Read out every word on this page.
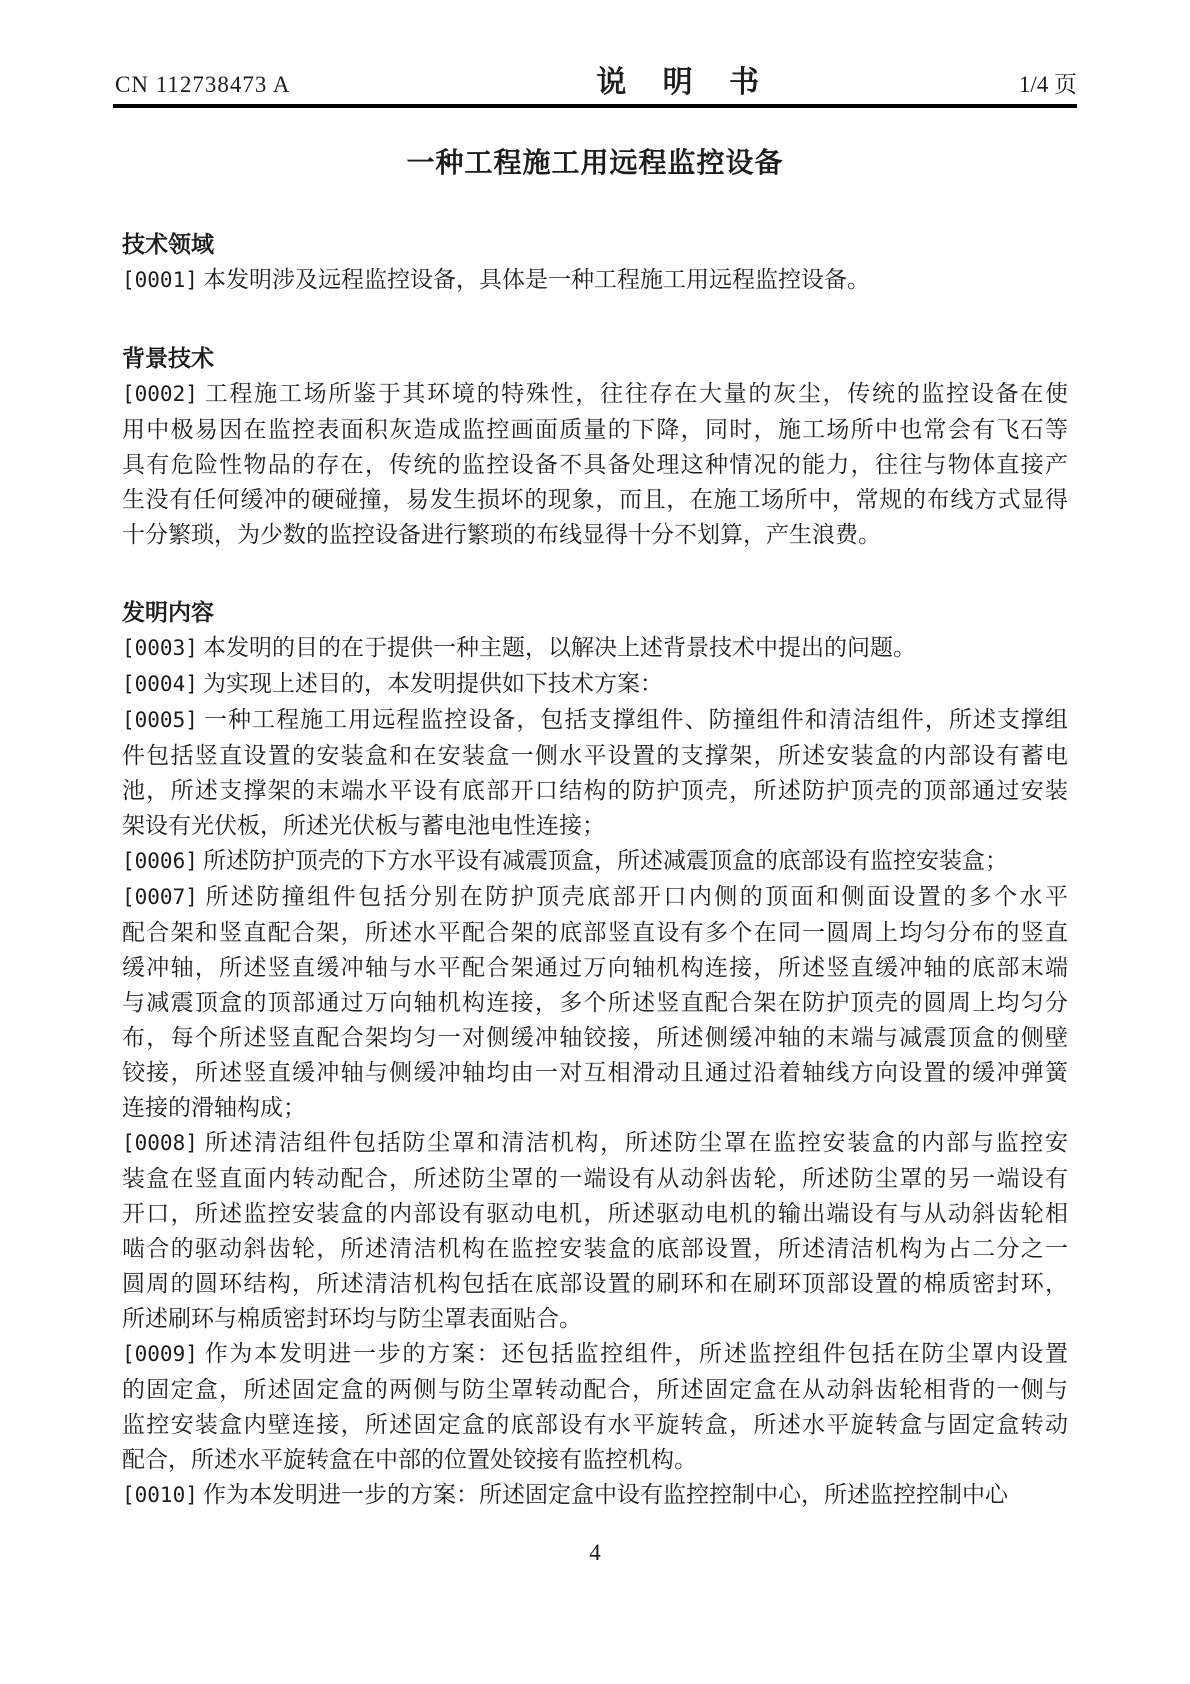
CN 112738473 A	说 明 书	1/4 页
一种工程施工用远程监控设备
技术领域
[0001] 本发明涉及远程监控设备，具体是一种工程施工用远程监控设备。
背景技术
[0002] 工程施工场所鉴于其环境的特殊性，往往存在大量的灰尘，传统的监控设备在使
用中极易因在监控表面积灰造成监控画面质量的下降，同时，施工场所中也常会有飞石等
具有危险性物品的存在，传统的监控设备不具备处理这种情况的能力，往往与物体直接产
生没有任何缓冲的硬碰撞，易发生损坏的现象，而且，在施工场所中，常规的布线方式显得
十分繁琐，为少数的监控设备进行繁琐的布线显得十分不划算，产生浪费。
发明内容
[0003] 本发明的目的在于提供一种主题，以解决上述背景技术中提出的问题。
[0004] 为实现上述目的，本发明提供如下技术方案：
[0005] 一种工程施工用远程监控设备，包括支撑组件、防撞组件和清洁组件，所述支撑组
件包括竖直设置的安装盒和在安装盒一侧水平设置的支撑架，所述安装盒的内部设有蓄电
池，所述支撑架的末端水平设有底部开口结构的防护顶壳，所述防护顶壳的顶部通过安装
架设有光伏板，所述光伏板与蓄电池电性连接；
[0006] 所述防护顶壳的下方水平设有减震顶盒，所述减震顶盒的底部设有监控安装盒；
[0007] 所述防撞组件包括分别在防护顶壳底部开口内侧的顶面和侧面设置的多个水平
配合架和竖直配合架，所述水平配合架的底部竖直设有多个在同一圆周上均匀分布的竖直
缓冲轴，所述竖直缓冲轴与水平配合架通过万向轴机构连接，所述竖直缓冲轴的底部末端
与减震顶盒的顶部通过万向轴机构连接，多个所述竖直配合架在防护顶壳的圆周上均匀分
布，每个所述竖直配合架均匀一对侧缓冲轴铰接，所述侧缓冲轴的末端与减震顶盒的侧壁
铰接，所述竖直缓冲轴与侧缓冲轴均由一对互相滑动且通过沿着轴线方向设置的缓冲弹簧
连接的滑轴构成；
[0008] 所述清洁组件包括防尘罩和清洁机构，所述防尘罩在监控安装盒的内部与监控安
装盒在竖直面内转动配合，所述防尘罩的一端设有从动斜齿轮，所述防尘罩的另一端设有
开口，所述监控安装盒的内部设有驱动电机，所述驱动电机的输出端设有与从动斜齿轮相
啮合的驱动斜齿轮，所述清洁机构在监控安装盒的底部设置，所述清洁机构为占二分之一
圆周的圆环结构，所述清洁机构包括在底部设置的刷环和在刷环顶部设置的棉质密封环，
所述刷环与棉质密封环均与防尘罩表面贴合。
[0009] 作为本发明进一步的方案：还包括监控组件，所述监控组件包括在防尘罩内设置
的固定盒，所述固定盒的两侧与防尘罩转动配合，所述固定盒在从动斜齿轮相背的一侧与
监控安装盒内壁连接，所述固定盒的底部设有水平旋转盒，所述水平旋转盒与固定盒转动
配合，所述水平旋转盒在中部的位置处铰接有监控机构。
[0010] 作为本发明进一步的方案：所述固定盒中设有监控控制中心，所述监控控制中心
4
